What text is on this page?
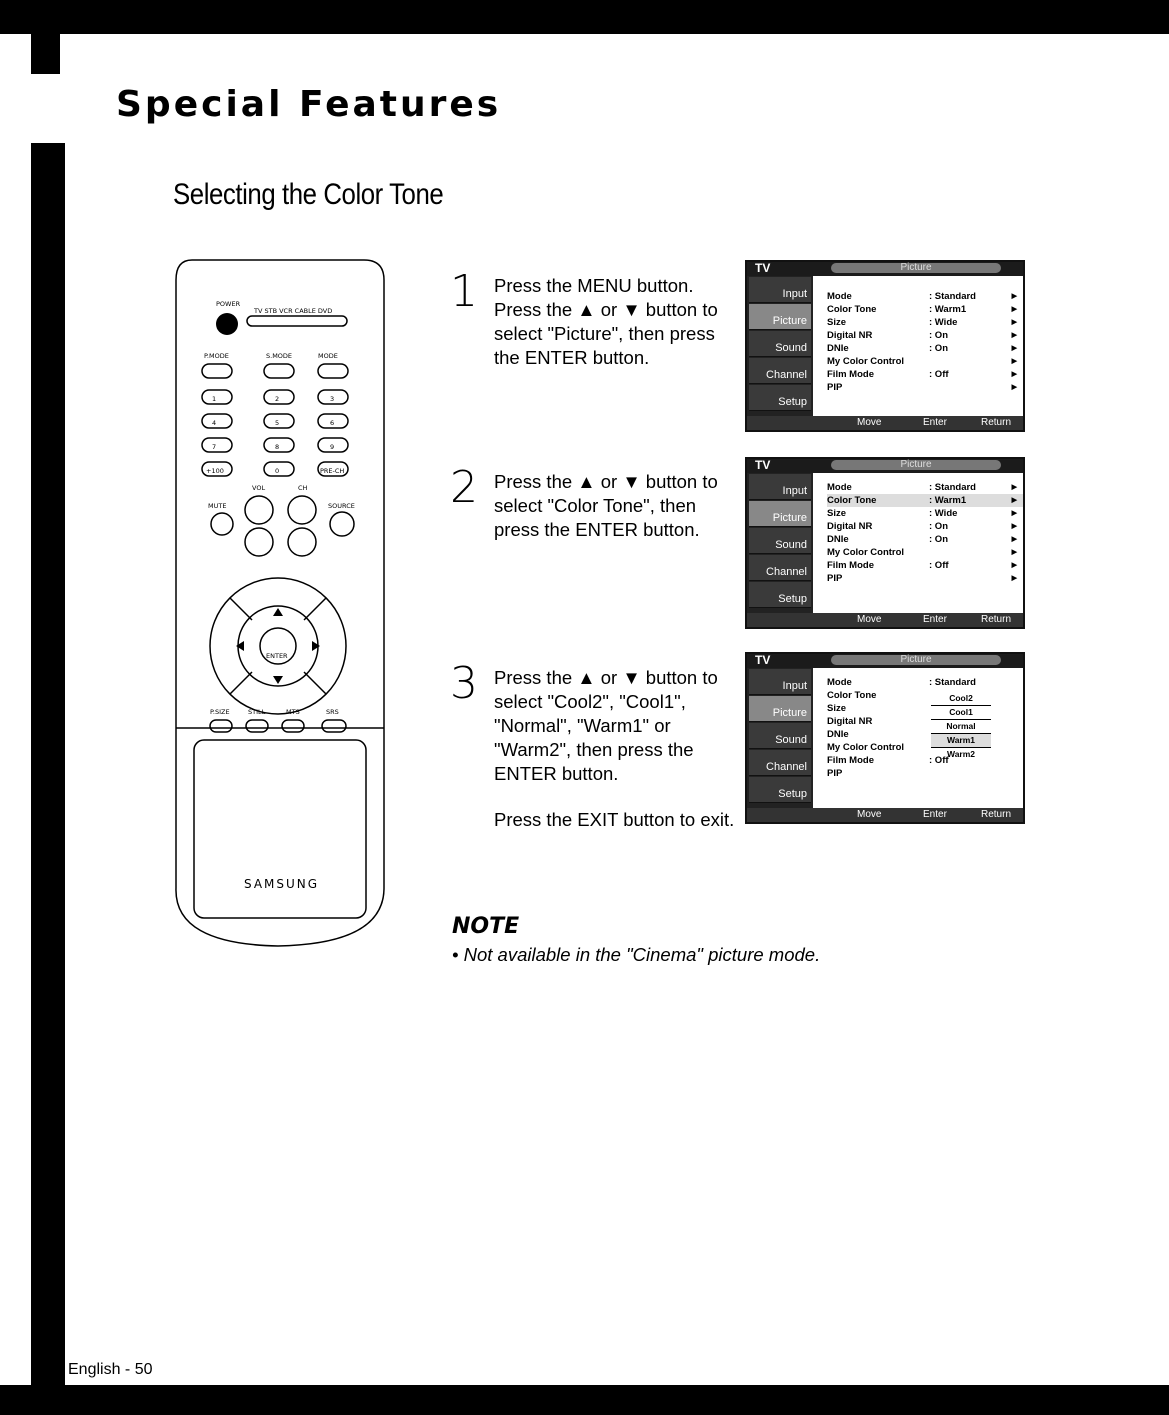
Special Features
Selecting the Color Tone
POWER
TV STB VCR CABLE DVD
P.MODE	S.MODE	MODE
1	2	3
4	5	6
7	8	9
+100	0	PRE-CH
VOL	CH
MUTE	SOURCE
ENTER
P.SIZE	STILL	MTS	SRS
SAMSUNG
1 Press the MENU button. Press the ▲ or ▼ button to select "Picture", then press the ENTER button.
TV	Picture
Input
Picture
Sound
Channel
Setup
Mode	: Standard	▶
Color Tone	: Warm1	▶
Size	: Wide	▶
Digital NR	: On	▶
DNIe	: On	▶
My Color Control	▶
Film Mode	: Off	▶
PIP	▶
Move	Enter	Return
2 Press the ▲ or ▼ button to select "Color Tone", then press the ENTER button.
TV	Picture
Input
Picture
Sound
Channel
Setup
Mode	: Standard	▶
Color Tone	: Warm1	▶
Size	: Wide	▶
Digital NR	: On	▶
DNIe	: On	▶
My Color Control	▶
Film Mode	: Off	▶
PIP	▶
Move	Enter	Return
3 Press the ▲ or ▼ button to select "Cool2", "Cool1", "Normal", "Warm1" or "Warm2", then press the ENTER button.
Press the EXIT button to exit.
TV	Picture
Input
Picture
Sound
Channel
Setup
Mode	: Standard
Color Tone
Size
Digital NR
DNIe
My Color Control
Film Mode	: Off
PIP
Cool2
Cool1
Normal
Warm1
Warm2
Move	Enter	Return
NOTE
• Not available in the "Cinema" picture mode.
English - 50
